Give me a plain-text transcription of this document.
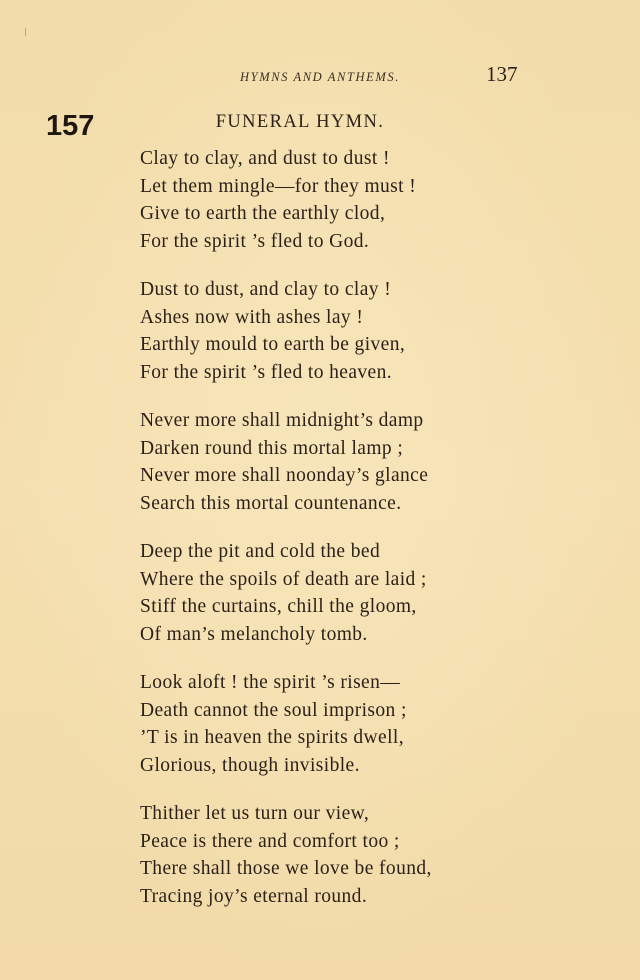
HYMNS AND ANTHEMS.	137
157	FUNERAL HYMN.
Clay to clay, and dust to dust !
Let them mingle—for they must !
Give to earth the earthly clod,
For the spirit ’s fled to God.
Dust to dust, and clay to clay !
Ashes now with ashes lay !
Earthly mould to earth be given,
For the spirit ’s fled to heaven.
Never more shall midnight’s damp
Darken round this mortal lamp ;
Never more shall noonday’s glance
Search this mortal countenance.
Deep the pit and cold the bed
Where the spoils of death are laid ;
Stiff the curtains, chill the gloom,
Of man’s melancholy tomb.
Look aloft ! the spirit ’s risen—
Death cannot the soul imprison ;
’T is in heaven the spirits dwell,
Glorious, though invisible.
Thither let us turn our view,
Peace is there and comfort too ;
There shall those we love be found,
Tracing joy’s eternal round.
